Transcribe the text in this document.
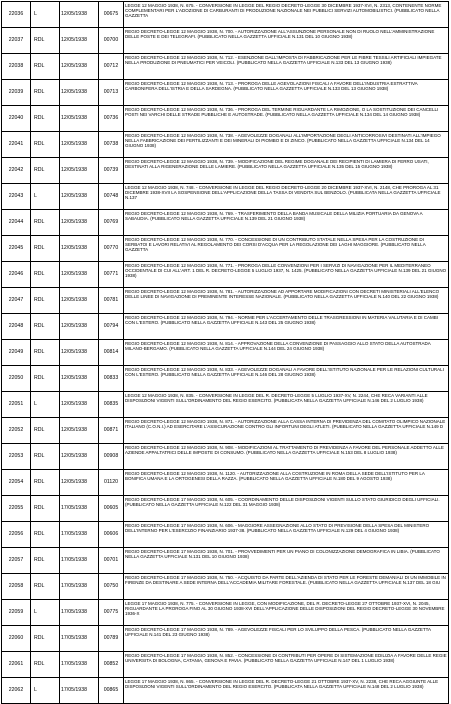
22036	L	12/05/1938	00675	LEGGE 12 MAGGIO 1938, N. 675. - CONVERSIONE IN LEGGE DEL REGIO DECRETO-LEGGE 30 DICEMBRE 1937-XVI, N. 2313, CONTENENTE NORME COMPLEMENTARI PER L'ADOZIONE DI CARBURANTI DI PRODUZIONE NAZIONALE NEI PUBBLICI SERVIZI AUTOMOBILISTICI. (PUBBLICATO NELLA GAZZETTA
22037	RDL	12/05/1938	00700	REGIO DECRETO-LEGGE 12 MAGGIO 1938, N. 700. - AUTORIZZAZIONE ALL'ASSUNZIONE PERSONALE NON DI RUOLO NELL'AMMINISTRAZIONE DELLE POSTE E DEI TELEGRAFI. (PUBBLICATO NELLA GAZZETTA UFFICIALE N.131 DEL 10 GIUGNO 1938)
22038	RDL	12/05/1938	00712	REGIO DECRETO-LEGGE 12 MAGGIO 1938, N. 712. - ESENZIONE DALL'IMPOSTA DI FABBRICAZIONE PER LE FIBRE TESSILI ARTIFICIALI IMPIEGATE NELLA PRODUZIONE DI PNEUMATICI PER VEICOLI. (PUBBLICATO NELLA GAZZETTA UFFICIALE N.133 DEL 13 GIUGNO 1938)
22039	RDL	12/05/1938	00713	REGIO DECRETO-LEGGE 12 MAGGIO 1938, N. 713. - PROROGA DELLE AGEVOLAZIONI FISCALI A FAVORE DELL'INDUSTRIA ESTRATTIVA CARBONIFERA DELL'ISTRIA E DELLA SARDEGNA. (PUBBLICATO NELLA GAZZETTA UFFICIALE N.133 DEL 13 GIUGNO 1938)
22040	RDL	12/05/1938	00736	REGIO DECRETO-LEGGE 12 MAGGIO 1938, N. 736. - PROROGA DEL TERMINE RIGUARDANTE LA RIMOZIONE, O LA SOSTITUZIONE DEI CANCELLI POSTI NEI VARCHI DELLE STRADE PUBBLICHE E AUTOSTRADE. (PUBBLICATO NELLA GAZZETTA UFFICIALE N.134 DEL 14 GIUGNO 1938)
22041	RDL	12/05/1938	00738	REGIO DECRETO-LEGGE 12 MAGGIO 1938, N. 738. - AGEVOLEZZE DOGANALI ALL'IMPORTAZIONE DEGLI ANTICORROSIVI DESTINATI ALL'IMPIEGO NELLA FABBRICAZIONE DEI FERTILIZZANTI E DEI MINERALI DI PIOMBO E DI ZINCO. (PUBBLICATO NELLA GAZZETTA UFFICIALE N.134 DEL 14 GIUGNO 1938)
22042	RDL	12/05/1938	00739	REGIO DECRETO-LEGGE 12 MAGGIO 1938, N. 739. - MODIFICAZIONE DEL REGIME DOGANALE DEI RECIPIENTI DI LAMIERA DI FERRO USATI, DESTINATI ALLA RIGENERAZIONE DELLE LAMIERE. (PUBBLICATO NELLA GAZZETTA UFFICIALE N.135 DEL 15 GIUGNO 1938)
22043	L	12/05/1938	00748	LEGGE 12 MAGGIO 1938, N. 748. - CONVERSIONE IN LEGGE DEL REGIO DECRETO-LEGGE 20 DICEMBRE 1937-XVI, N. 2148, CHE PROROGA AL 31 DICEMBRE 1938-XVII LA SOSPENSIONE DELL'APPLICAZIONE DELLA TASSA DI VENDITA SUL BENZOLO. (PUBBLICATA NELLA GAZZETTA UFFICIALE N.137
22044	RDL	12/05/1938	00769	REGIO DECRETO-LEGGE 12 MAGGIO 1938, N. 769. - TRASFERIMENTO DELLA BANDA MUSICALE DELLA MILIZIA PORTUARIA DA GENOVA A SABAUDIA. (PUBBLICATO NELLA GAZZETTA UFFICIALE N.139 DEL 21 GIUGNO 1938)
22045	RDL	12/05/1938	00770	REGIO DECRETO-LEGGE 12 MAGGIO 1938, N. 770. - CONCESSIONE DI UN CONTRIBUTO STATALE NELLA SPESA PER LA COSTRUZIONE DI SERBATOI E LAVORI RELATIVI AL REGOLAMENTO DEI CORSI D'ACQUA PER LA REGOLAZIONE DEI LAGHI MAGGIORE. (PUBBLICATO NELLA GAZZETTA
22046	RDL	12/05/1938	00771	REGIO DECRETO-LEGGE 12 MAGGIO 1938, N. 771. - PROROGA DELLE CONVENZIONI PER I SERVIZI DI NAVIGAZIONE PER IL MEDITERRANEO OCCIDENTALE DI CUI ALL'ART. 1 DEL R. DECRETO-LEGGE 5 LUGLIO 1937, N. 1425. (PUBBLICATO NELLA GAZZETTA UFFICIALE N.139 DEL 21 GIUGNO 1938)
22047	RDL	12/05/1938	00781	REGIO DECRETO-LEGGE 12 MAGGIO 1938, N. 781. - AUTORIZZAZIONE AD APPORTARE MODIFICAZIONI CON DECRETI MINISTERIALI ALL'ELENCO DELLE LINEE DI NAVIGAZIONE DI PREMINENTE INTERESSE NAZIONALE. (PUBBLICATO NELLA GAZZETTA UFFICIALE N.140 DEL 22 GIUGNO 1938)
22048	RDL	12/05/1938	00794	REGIO DECRETO-LEGGE 12 MAGGIO 1938, N. 794. - NORME PER L'ACCERTAMENTO DELLE TRASGRESSIONI IN MATERIA VALUTARIA E DI CAMBI CON L'ESTERO. (PUBBLICATO NELLA GAZZETTA UFFICIALE N.143 DEL 25 GIUGNO 1938)
22049	RDL	12/05/1938	00814	REGIO DECRETO-LEGGE 12 MAGGIO 1938, N. 814. - APPROVAZIONE DELLA CONVENZIONE DI PASSAGGIO ALLO STATO DELLA AUTOSTRADA MILANO-BERGAMO. (PUBBLICATO NELLA GAZZETTA UFFICIALE N.144 DEL 24 GIUGNO 1938)
22050	RDL	12/05/1938	00833	REGIO DECRETO-LEGGE 12 MAGGIO 1938, N. 833. - AGEVOLEZZE DOGANALI A FAVORE DELL'ISTITUTO NAZIONALE PER LE RELAZIONI CULTURALI CON L'ESTERO. (PUBBLICATO NELLA GAZZETTA UFFICIALE N.146 DEL 28 GIUGNO 1938)
22051	L	12/05/1938	00835	LEGGE 12 MAGGIO 1938, N. 835. - CONVERSIONE IN LEGGE DEL R. DECRETO-LEGGE 5 LUGLIO 1937-XV, N. 2244, CHE RECA VARIANTI ALLE DISPOSIZIONI VIGENTI SULL'ORDINAMENTO DEL REGIO ESERCITO. (PUBBLICATA NELLA GAZZETTA UFFICIALE N.146 DEL 2 LUGLIO 1938)
22052	RDL	12/05/1938	00871	REGIO DECRETO-LEGGE 12 MAGGIO 1938, N. 871. - AUTORIZZAZIONE ALLA CASSA INTERNA DI PREVIDENZA DEL COMITATO OLIMPICO NAZIONALE ITALIANO (C.O.N.I.) AD ESERCITARE L'ASSICURAZIONE CONTRO GLI INFORTUNI DEGLI ATLETI. (PUBBLICATO NELLA GAZZETTA UFFICIALE N.149 D
22053	RDL	12/05/1938	00908	REGIO DECRETO-LEGGE 12 MAGGIO 1938, N. 908. - MODIFICAZIONI AL TRATTAMENTO DI PREVIDENZA A FAVORE DEL PERSONALE ADDETTO ALLE AZIENDE APPALTATRICI DELLE IMPOSTE DI CONSUMO. (PUBBLICATO NELLA GAZZETTA UFFICIALE N.153 DEL 8 LUGLIO 1938)
22054	RDL	12/05/1938	01120	REGIO DECRETO-LEGGE 12 MAGGIO 1938, N. 1120. - AUTORIZZAZIONE ALLA COSTRUZIONE IN ROMA DELLA SEDE DELL'ISTITUTO PER LA BONIFICA UMANA E LA ORTOGENESI DELLA RAZZA. (PUBBLICATO NELLA GAZZETTA UFFICIALE N.180 DEL 9 AGOSTO 1938)
22055	RDL	17/05/1938	00605	REGIO DECRETO-LEGGE 17 MAGGIO 1938, N. 605. - COORDINAMENTO DELLE DISPOSIZIONI VIGENTI SULLO STATO GIURIDICO DEGLI UFFICIALI. (PUBBLICATO NELLA GAZZETTA UFFICIALE N.122 DEL 31 MAGGIO 1938)
22056	RDL	17/05/1938	00606	REGIO DECRETO-LEGGE 17 MAGGIO 1938, N. 606. - MAGGIORE ASSEGNAZIONE ALLO STATO DI PREVISIONE DELLA SPESA DEL MINISTERO DELL'INTERNO PER L'ESERCIZIO FINANZIARIO 1937-38. (PUBBLICATO NELLA GAZZETTA UFFICIALE N.129 DEL 4 GIUGNO 1938)
22057	RDL	17/05/1938	00701	REGIO DECRETO-LEGGE 17 MAGGIO 1938, N. 701. - PROVVEDIMENTI PER UN PIANO DI COLONIZZAZIONE DEMOGRAFICA IN LIBIA. (PUBBLICATO NELLA GAZZETTA UFFICIALE N.131 DEL 10 GIUGNO 1938)
22058	RDL	17/05/1938	00750	REGIO DECRETO-LEGGE 17 MAGGIO 1938, N. 750. - ACQUISTO DA PARTE DELL'AZIENDA DI STATO PER LE FORESTE DEMANIALI DI UN IMMOBILE IN FIRENZE DA DESTINARE A SEDE INTERNA DELL'ACCADEMIA MILITARE FORESTALE. (PUBBLICATO NELLA GAZZETTA UFFICIALE N.137 DEL 18 GIU
22059	L	17/05/1938	00775	LEGGE 17 MAGGIO 1938, N. 775. - CONVERSIONE IN LEGGE, CON MODIFICAZIONE, DEL R. DECRETO-LEGGE 27 OTTOBRE 1937-XVI, N. 2045, RIGUARDANTE LA PROROGA FINO AL 30 GIUGNO 1938-XVI DELL'APPLICAZIONE DELLE DISPOSIZIONI DEL REGIO DECRETO-LEGGE 30 NOVEMBRE 1936-X
22060	RDL	17/05/1938	00789	REGIO DECRETO-LEGGE 17 MAGGIO 1938, N. 789. - AGEVOLEZZE FISCALI PER LO SVILUPPO DELLA PESCA. (PUBBLICATO NELLA GAZZETTA UFFICIALE N.141 DEL 23 GIUGNO 1938)
22061	RDL	17/05/1938	00852	REGIO DECRETO-LEGGE 17 MAGGIO 1938, N. 852. - CONCESSIONE DI CONTRIBUTI PER OPERE DI SISTEMAZIONE EDILIZIA A FAVORE DELLE REGIE UNIVERSITA DI BOLOGNA, CATANIA, GENOVA E PAVIA. (PUBBLICATO NELLA GAZZETTA UFFICIALE N.147 DEL 1 LUGLIO 1938)
22062	L	17/05/1938	00865	LEGGE 17 MAGGIO 1938, N. 865. - CONVERSIONE IN LEGGE DEL R. DECRETO-LEGGE 21 OTTOBRE 1937-XV, N. 2238, CHE RECA AGGIUNTE ALLE DISPOSIZIONI VIGENTI SULL'ORDINAMENTO DEL REGIO ESERCITO. (PUBBLICATA NELLA GAZZETTA UFFICIALE N.148 DEL 2 LUGLIO 1938)
